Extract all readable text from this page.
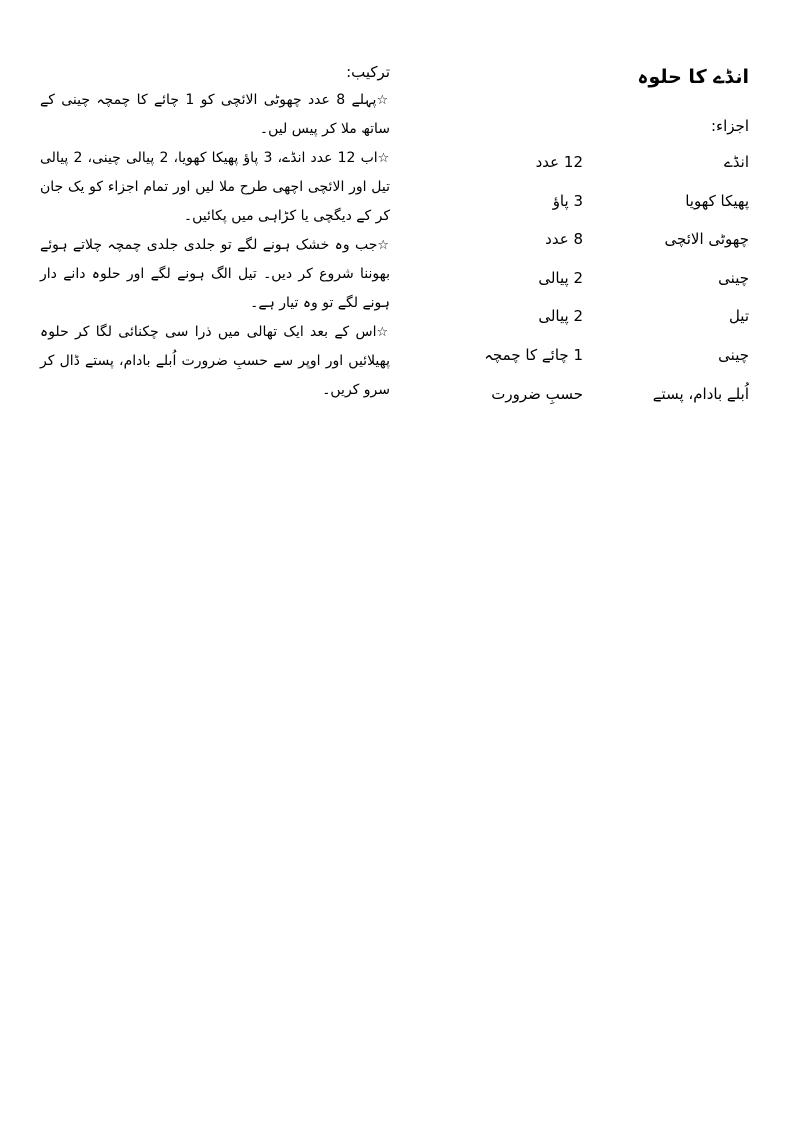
انڈے کا حلوہ

اجزاء:

انڈے
12 عدد
پھیکا کھویا
3 پاؤ
چھوٹی الائچی
8 عدد
چینی
2 پیالی
تیل
2 پیالی
چینی
1 چائے کا چمچہ
اُبلے بادام، پستے
حسبِ ضرورت

ترکیب:

☆پہلے 8 عدد چھوٹی الائچی کو 1 چائے کا چمچہ چینی کے ساتھ ملا کر پیس لیں۔

☆اب 12 عدد انڈے، 3 پاؤ پھیکا کھویا، 2 پیالی چینی، 2 پیالی تیل اور الائچی اچھی طرح ملا لیں اور تمام اجزاء کو یک جان کر کے دیگچی یا کڑاہی میں پکائیں۔

☆جب وہ خشک ہونے لگے تو جلدی جلدی چمچہ چلاتے ہوئے بھوننا شروع کر دیں۔ تیل الگ ہونے لگے اور حلوہ دانے دار ہونے لگے تو وہ تیار ہے۔

☆اس کے بعد ایک تھالی میں ذرا سی چکنائی لگا کر حلوہ پھیلائیں اور اوپر سے حسبِ ضرورت اُبلے بادام، پستے ڈال کر سرو کریں۔
